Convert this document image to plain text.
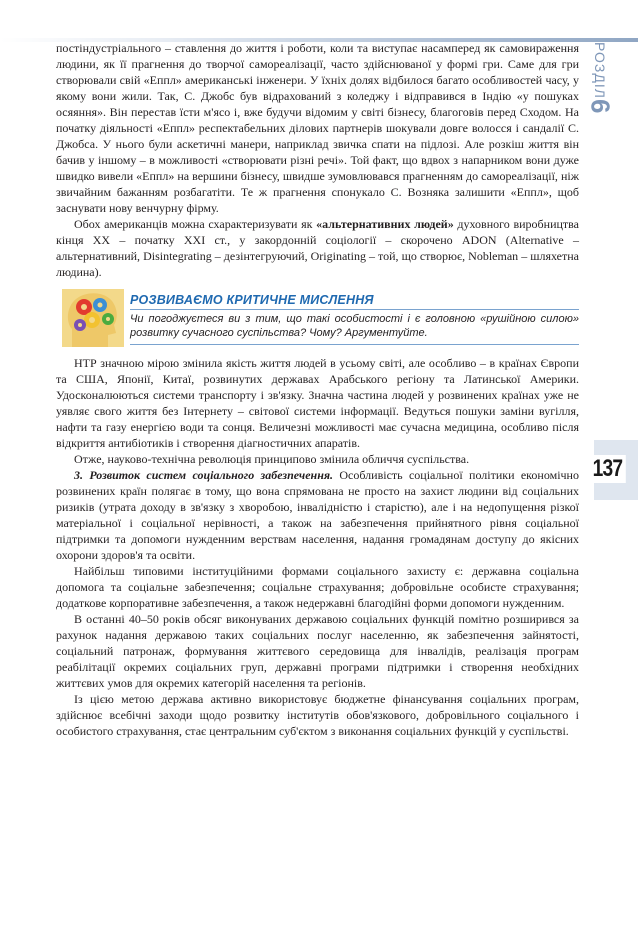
РОЗДІЛ
6
137

постіндустріального – ставлення до життя і роботи, коли та виступає насамперед як самовираження людини, як її прагнення до творчої самореалізації, часто здійснюваної у формі гри. Саме для гри створювали свій «Еппл» американські інженери. У їхніх долях відбилося багато особливостей часу, у якому вони жили. Так, С. Джобс був відрахований з коледжу і відправився в Індію «у пошуках осяяння». Він перестав їсти м'ясо і, вже будучи відомим у світі бізнесу, благоговів перед Сходом. На початку діяльності «Еппл» респектабельних ділових партнерів шокували довге волосся і сандалії С. Джобса. У нього були аскетичні манери, наприклад звичка спати на підлозі. Але розкіш життя він бачив у іншому – в можливості «створювати різні речі». Той факт, що вдвох з напарником вони дуже швидко вивели «Еппл» на вершини бізнесу, швидше зумовлювався прагненням до самореалізації, ніж звичайним бажанням розбагатіти. Те ж прагнення спонукало С. Возняка залишити «Еппл», щоб заснувати нову венчурну фірму.

Обох американців можна схарактеризувати як «альтернативних людей» духовного виробництва кінця XX – початку XXI ст., у закордонній соціології – скорочено ADON (Alternative – альтернативний, Disintegrating – дезінтегруючий, Originating – той, що створює, Nobleman – шляхетна людина).

РОЗВИВАЄМО КРИТИЧНЕ МИСЛЕННЯ
Чи погоджуєтеся ви з тим, що такі особистості і є головною «рушійною силою» розвитку сучасного суспільства? Чому? Аргументуйте.

НТР значною мірою змінила якість життя людей в усьому світі, але особливо – в країнах Європи та США, Японії, Китаї, розвинутих державах Арабського регіону та Латинської Америки. Удосконалюються системи транспорту і зв'язку. Значна частина людей у розвинених країнах уже не уявляє свого життя без Інтернету – світової системи інформації. Ведуться пошуки заміни вугілля, нафти та газу енергією води та сонця. Величезні можливості має сучасна медицина, особливо після відкриття антибіотиків і створення діагностичних апаратів.

Отже, науково-технічна революція принципово змінила обличчя суспільства.

3. Розвиток систем соціального забезпечення. Особливість соціальної політики економічно розвинених країн полягає в тому, що вона спрямована не просто на захист людини від соціальних ризиків (утрата доходу в зв'язку з хворобою, інвалідністю і старістю), але і на недопущення різкої матеріальної і соціальної нерівності, а також на забезпечення прийнятного рівня соціальної підтримки та допомоги нужденним верствам населення, надання громадянам доступу до якісних охорони здоров'я та освіти.

Найбільш типовими інституційними формами соціального захисту є: державна соціальна допомога та соціальне забезпечення; соціальне страхування; добровільне особисте страхування; додаткове корпоративне забезпечення, а також недержавні благодійні форми допомоги нужденним.

В останні 40–50 років обсяг виконуваних державою соціальних функцій помітно розширився за рахунок надання державою таких соціальних послуг населенню, як забезпечення зайнятості, соціальний патронаж, формування життєвого середовища для інвалідів, реалізація програм реабілітації окремих соціальних груп, державні програми підтримки і створення необхідних життєвих умов для окремих категорій населення та регіонів.

Із цією метою держава активно використовує бюджетне фінансування соціальних програм, здійснює всебічні заходи щодо розвитку інститутів обов'язкового, добровільного соціального і особистого страхування, стає центральним суб'єктом з виконання соціальних функцій у суспільстві.
